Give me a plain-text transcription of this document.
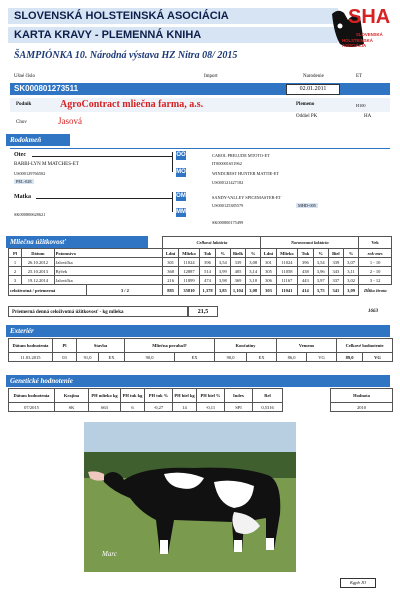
SLOVENSKÁ HOLSTEINSKÁ ASOCIÁCIA
KARTA KRAVY - PLEMENNÁ KNIHA
ŠAMPIÓNKA 10. Národná výstava HZ Nitra 08/ 2015
SHA
SLOVENSKÁ
HOLSTEINSKÁ ASOCIÁCIA
Ušné číslo	Import	Narodenie	ET
SK000801273511	02.01.2011
Podnik	AgroContract mliečna farma, a.s.	Plemeno	H100
Oddiel PK	HA
Chov	Jasová
Rodokmeň
Otec
BARBI-LYN M MATCHES-ET
US000129766502
PEL-028
Matka
SK000800628621
OO	CAROL PRELUDE MTOTO-ET
IT000001651962
MO	WINDCREST HUNTER MATTIE-ET
US000121427182
OM	SANDY-VALLEY SPICEMASTER-ET
US000125385579	MHD-005
MM
SK000800175499
Mliečna úžitkovosť
				Celková laktácia						Normovaná laktácia						Vek
Pl	Dátum	Potomstvo		Ldni	Mlieko	Tuk	%	Bielk	%	Ldni	Mlieko	Tuk	%	Biel	%	rok-mes
1	26.10.2012	Jalovička		301	11024	396	3,54	339	3,08	301	11024	396	3,54	339	3,07	1 - 10
2	25.10.2013	Býček		368	12887	514	3,99	405	3,14	305	11058	438	3,96	343	3,11	2 - 10
3	19.12.2014	Jalovička		216	11899	474	3,98	369	3,10	306	11167	443	3,97	337	3,02	3 - 12
celoživotná / priemerná			3 / 2	885	35810	1,378	3,85	1,104	3,08	303	11041	414	3,75	341	3,09	Dĺžka života
Priemerná denná celoživotná úžitkovosť - kg mlieka	21,5	1663
Exteriér
Dátum hodnotenia	Pl	Stavba		Mliečna povaha/F		Končatiny		Vemeno		Celkové hodnotenie	
11.03.2015	03	91,0	EX	90,0	EX	90,0	EX	86,0	VG	89,0	VG
Genetické hodnotenie
Dátum hodnotenia	Krajina	PH mlieko kg	PH tuk kg	PH tuk %	PH biel kg	PH biel %	Index	Rel		Hodnota
07/2015	SK	663	6	-0,27	14	-0,11	SPI	0,5316		2010
Marc
Kgpb JO
